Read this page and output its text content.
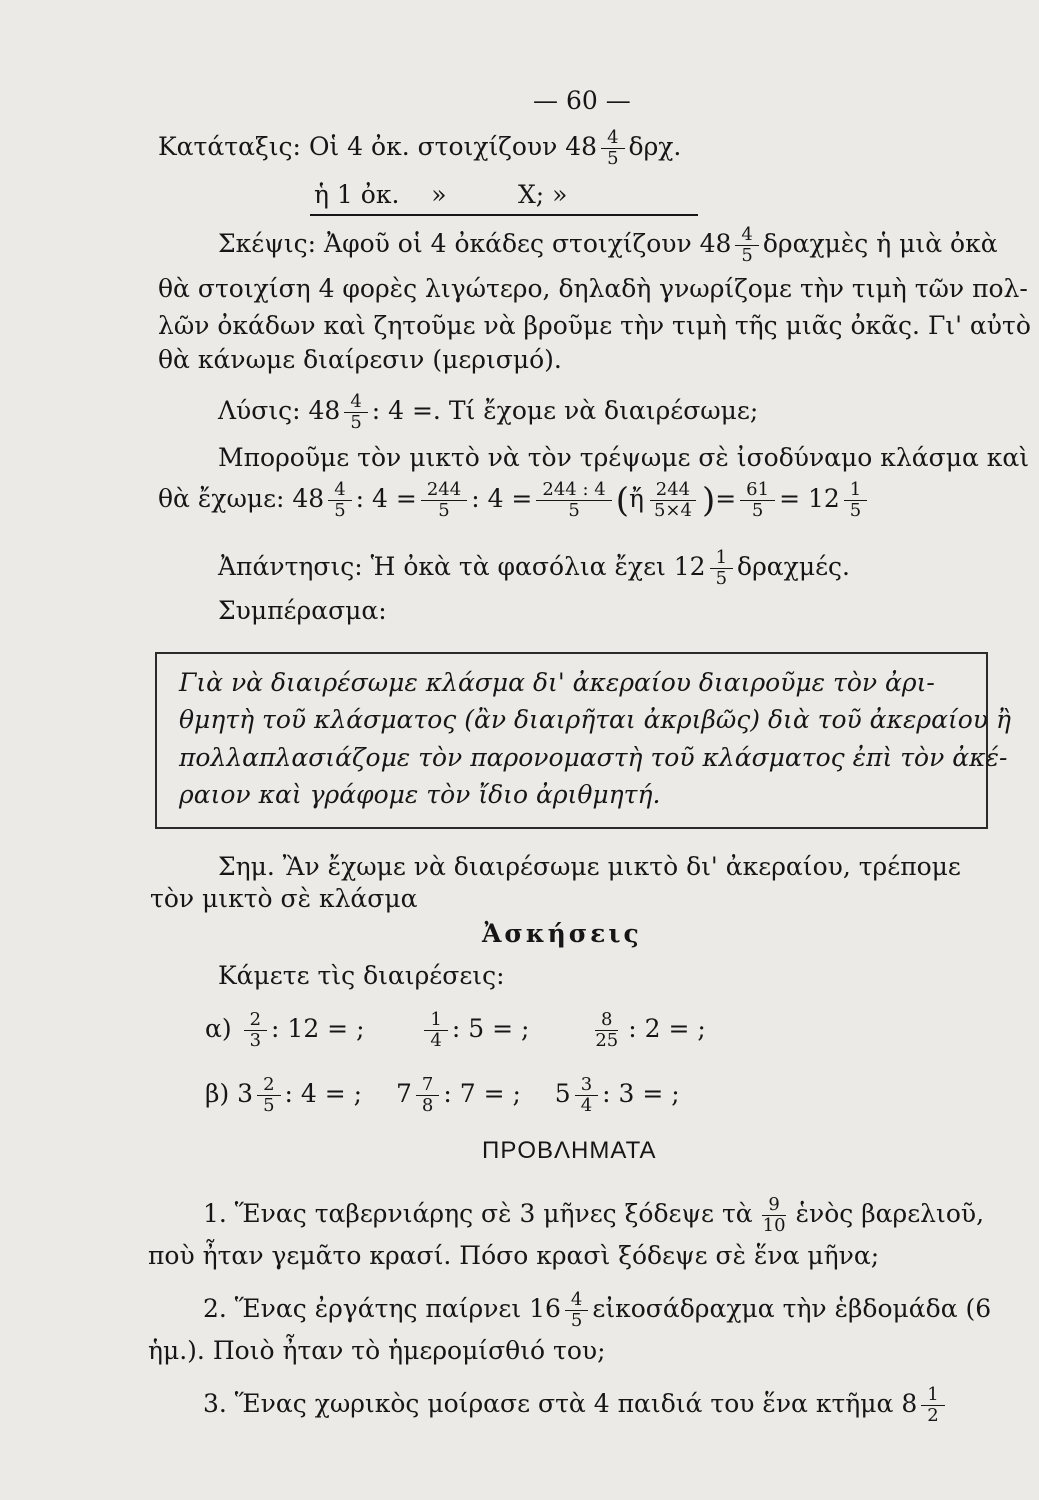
— 60 —
Κατάταξις: Οἱ 4 ὀκ. στοιχίζουν $48 \frac{4}{5} \delta\rho\chi$.
ἡ 1 ὀκ.    »         Χ; »
Σκέψις: Ἀφοῦ οἱ 4 ὀκάδες στοιχίζουν $48 \frac{4}{5}$ δραχμὲς ἡ μιὰ ὀκὰ
θὰ στοιχίση 4 φορὲς λιγώτερο, δηλαδὴ γνωρίζομε τὴν τιμὴ τῶν πολ-
λῶν ὀκάδων καὶ ζητοῦμε νὰ βροῦμε τὴν τιμὴ τῆς μιᾶς ὀκᾶς. Γι' αὐτὸ
θὰ κάνωμε διαίρεσιν (μερισμό).
Λύσις: $48 \frac{4}{5}$ : 4 =. Τί ἔχομε νὰ διαιρέσωμε;
Μποροῦμε τὸν μικτὸ νὰ τὸν τρέψωμε σὲ ἰσοδύναμο κλάσμα καὶ
θὰ ἔχωμε: $48 \frac{4}{5}$ : $4 = \frac{244}{5}$ : $4 = \frac{244 : 4}{5}$ (ἤ $\frac{244}{5\times 4}$ )= $\frac{61}{5} = 12 \frac{1}{5}$
Ἀπάντησις: Ἡ ὀκὰ τὰ φασόλια ἔχει $12 \frac{1}{5} \delta\rho\alpha\chi\mu έ\varsigma$.
Συμπέρασμα:
Γιὰ νὰ διαιρέσωμε κλάσμα δι' ἀκεραίου διαιροῦμε τὸν ἀρι-
θμητὴ τοῦ κλάσματος (ἂν διαιρῆται ἀκριβῶς) διὰ τοῦ ἀκεραίου ἢ
πολλαπλασιάζομε τὸν παρονομαστὴ τοῦ κλάσματος ἐπὶ τὸν ἀκέ-
ραιον καὶ γράφομε τὸν ἴδιο ἀριθμητή.
Σημ. Ἂν ἔχωμε νὰ διαιρέσωμε μικτὸ δι' ἀκεραίου, τρέπομε
τὸν μικτὸ σὲ κλάσμα
Ἀσκήσεις
Κάμετε τὶς διαιρέσεις:
$\alpha) \frac{2}{3}$ : 12 = ;	$\frac{1}{4}$ : 5 = ;	$\frac{8}{25}$ : 2 = ;
β) $3 \frac{2}{5}$ : 4 = ; $7 \frac{7}{8}$ : 7 = ; $5 \frac{3}{4}$ : 3 = ;
ΠΡΟΒΛΗΜΑΤΑ
1. Ἕνας ταβερνιάρης σὲ 3 μῆνες ξόδεψε τὰ $\frac{9}{10}$ ἑνὸς βαρελιοῦ,
ποὺ ἦταν γεμᾶτο κρασί. Πόσο κρασὶ ξόδεψε σὲ ἕνα μῆνα;
2. Ἕνας ἐργάτης παίρνει $16 \frac{4}{5}$ εἰκοσάδραχμα τὴν ἑβδομάδα (6
ἡμ.). Ποιὸ ἦταν τὸ ἡμερομίσθιό του;
3. Ἕνας χωρικὸς μοίρασε στὰ 4 παιδιά του ἕνα κτῆμα $8 \frac{1}{2}$
